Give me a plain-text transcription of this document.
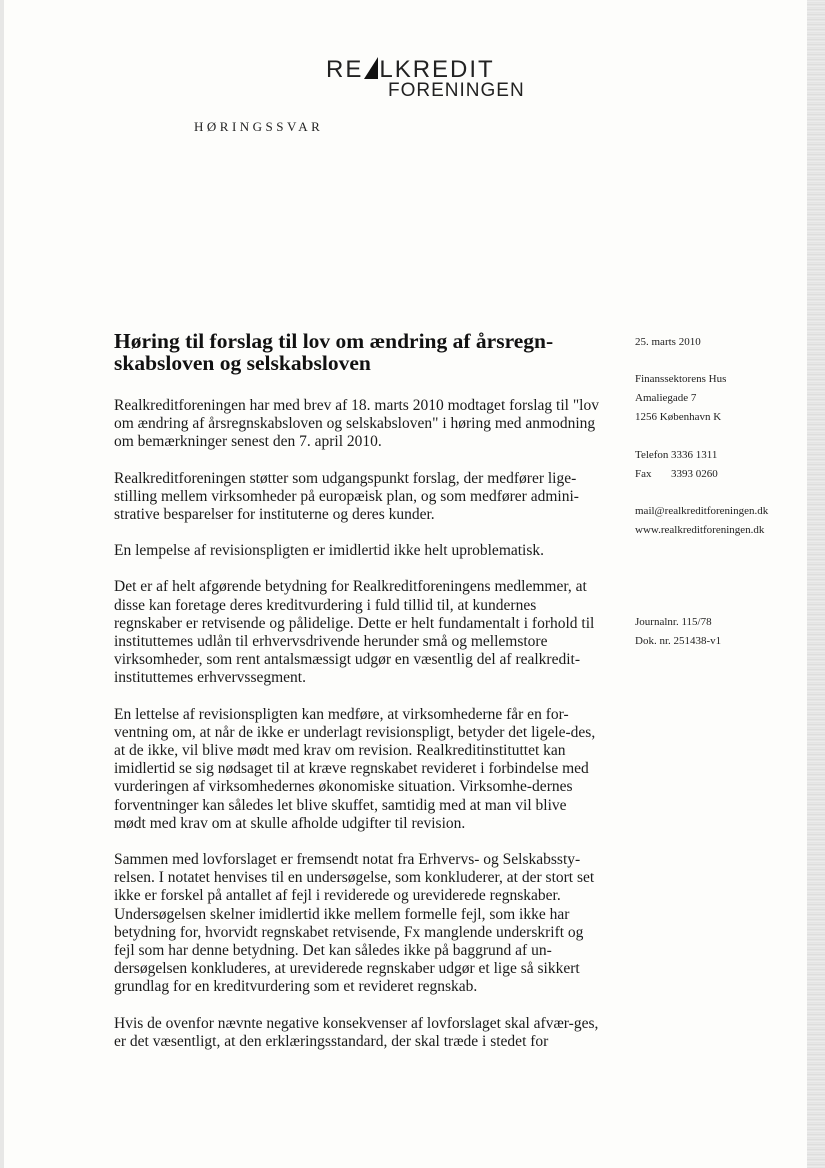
RE LKREDIT
FORENINGEN
HØRINGSSVAR
Høring til forslag til lov om ændring af årsregn-skabsloven og selskabsloven

Realkreditforeningen har med brev af 18. marts 2010 modtaget forslag til "lov om ændring af årsregnskabsloven og selskabsloven" i høring med anmodning om bemærkninger senest den 7. april 2010.

Realkreditforeningen støtter som udgangspunkt forslag, der medfører lige-stilling mellem virksomheder på europæisk plan, og som medfører admini-strative besparelser for instituterne og deres kunder.

En lempelse af revisionspligten er imidlertid ikke helt uproblematisk.

Det er af helt afgørende betydning for Realkreditforeningens medlemmer, at disse kan foretage deres kreditvurdering i fuld tillid til, at kundernes regnskaber er retvisende og pålidelige. Dette er helt fundamentalt i forhold til instituttemes udlån til erhvervsdrivende herunder små og mellemstore virksomheder, som rent antalsmæssigt udgør en væsentlig del af realkredit-instituttemes erhvervssegment.

En lettelse af revisionspligten kan medføre, at virksomhederne får en for-ventning om, at når de ikke er underlagt revisionspligt, betyder det ligele-des, at de ikke, vil blive mødt med krav om revision. Realkreditinstituttet kan imidlertid se sig nødsaget til at kræve regnskabet revideret i forbindelse med vurderingen af virksomhedernes økonomiske situation. Virksomhe-dernes forventninger kan således let blive skuffet, samtidig med at man vil blive mødt med krav om at skulle afholde udgifter til revision.

Sammen med lovforslaget er fremsendt notat fra Erhvervs- og Selskabssty-relsen. I notatet henvises til en undersøgelse, som konkluderer, at der stort set ikke er forskel på antallet af fejl i reviderede og ureviderede regnskaber. Undersøgelsen skelner imidlertid ikke mellem formelle fejl, som ikke har betydning for, hvorvidt regnskabet retvisende, Fx manglende underskrift og fejl som har denne betydning. Det kan således ikke på baggrund af un-dersøgelsen konkluderes, at ureviderede regnskaber udgør et lige så sikkert grundlag for en kreditvurdering som et revideret regnskab.

Hvis de ovenfor nævnte negative konsekvenser af lovforslaget skal afvær-ges, er det væsentligt, at den erklæringsstandard, der skal træde i stedet for

25. marts 2010
Finanssektorens Hus
Amaliegade 7
1256 København K
Telefon 3336 1311
Fax 3393 0260
mail@realkreditforeningen.dk
www.realkreditforeningen.dk
Journalnr. 115/78
Dok. nr. 251438-v1
